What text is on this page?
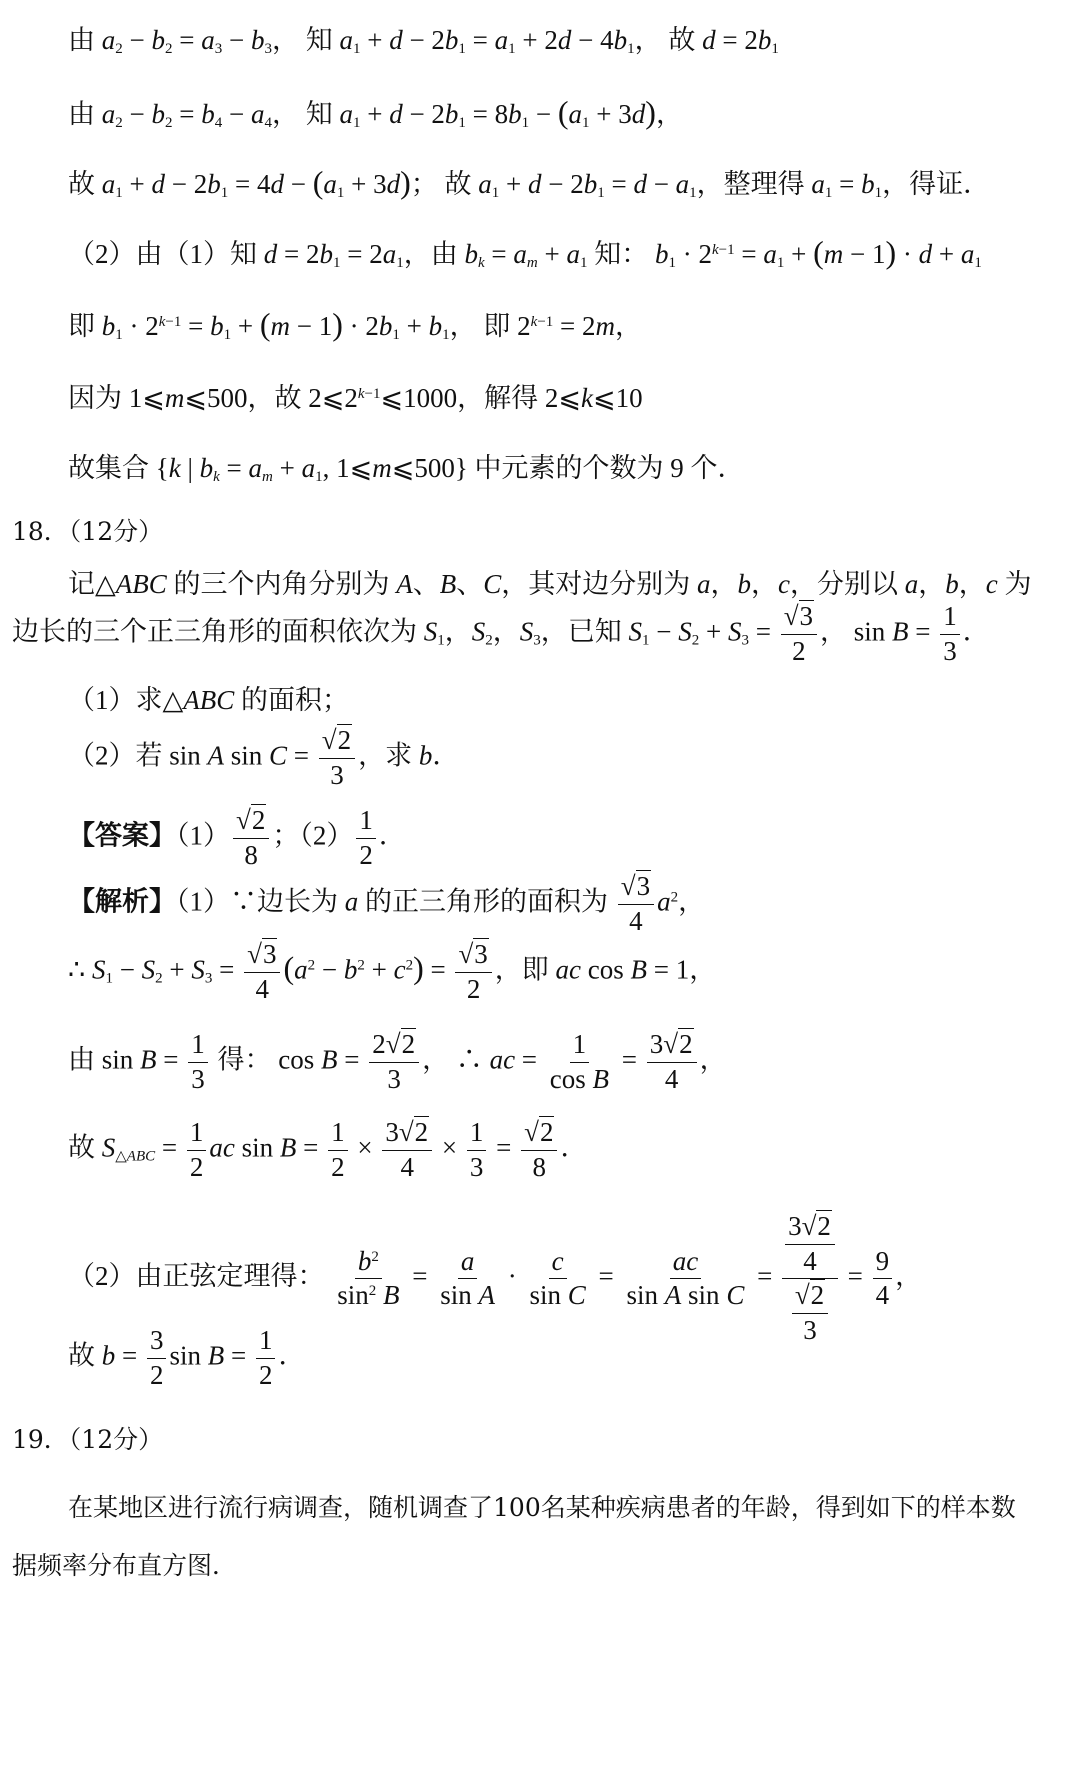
由 $a_2 - b_2 = a_3 - b_3$， 知 $a_1 + d - 2b_1 = a_1 + 2d - 4b_1$， 故 $d = 2b_1$
由 $a_2 - b_2 = b_4 - a_4$， 知 $a_1 + d - 2b_1 = 8b_1 - (a_1 + 3d)$，
故 $a_1 + d - 2b_1 = 4d - (a_1 + 3d)$； 故 $a_1 + d - 2b_1 = d - a_1$，整理得 $a_1 = b_1$，得证．
（2）由（1）知 $d = 2b_1 = 2a_1$，由 $b_k = a_m + a_1$ 知： $b_1 \cdot 2^{k-1} = a_1 + (m - 1) \cdot d + a_1$
即 $b_1 \cdot 2^{k-1} = b_1 + (m - 1) \cdot 2b_1 + b_1$， 即 $2^{k-1} = 2m$，
因为 1⩽m⩽500，故 $2⩽2^{k-1}⩽1000$，解得 2⩽k⩽10
故集合 {k | $b_k = a_m + a_1$, 1⩽m⩽500} 中元素的个数为 9 个．
18．（12分）
记△ABC 的三个内角分别为 A、B、C，其对边分别为 a，b，c，分别以 a，b，c 为
边长的三个正三角形的面积依次为 $S_1$，$S_2$，$S_3$，已知 $S_1 - S_2 + S_3 = \frac{√3}{2}$ ， $\sin B = \frac{1}{3}$ ．
（1）求△ABC 的面积；
（2）若 sin A $\sin C = \frac{√2}{3}$ ，求 b．
【答案】$(1) \frac{√2}{8}$ ；$(2) \frac{1}{2}$ ．
【解析】（1）∵边长为 a 的正三角形的面积为 $\frac{√3}{4} a^2$，
∴ $S_1 - S_2 + S_3 = \frac{√3}{4} (a^2 - b^2 + c^2) = \frac{√3}{2}$ ，即 ac cos B = 1，
由 $\sin B = \frac{1}{3}$ 得： $\cos B = \frac{2√2}{3}$ ， ∴ ac = $\frac{1}{\text{cos B}} = \frac{3√2}{4}$ ，
故 $S_{\triangle ABC} = \frac{1}{2}$ ac $\sin B = \frac{1}{2} \times \frac{3√2}{4} \times \frac{1}{3} = \frac{√2}{8}$ ．
（2）由正弦定理得： $\frac{b^2}{\sin^2 B} = \frac{a}{\text{sin A}} \cdot \frac{c}{\text{sin C}} = \frac{ac}{\text{sin A sin C}} = \frac{\frac{3√2}{4}}{\frac{√2}{3}} = \frac{9}{4}$ ，
故 $b = \frac{3}{2}$ $\sin B = \frac{1}{2}$ ．
19．（12分）
在某地区进行流行病调查，随机调查了100名某种疾病患者的年龄，得到如下的样本数
据频率分布直方图．
